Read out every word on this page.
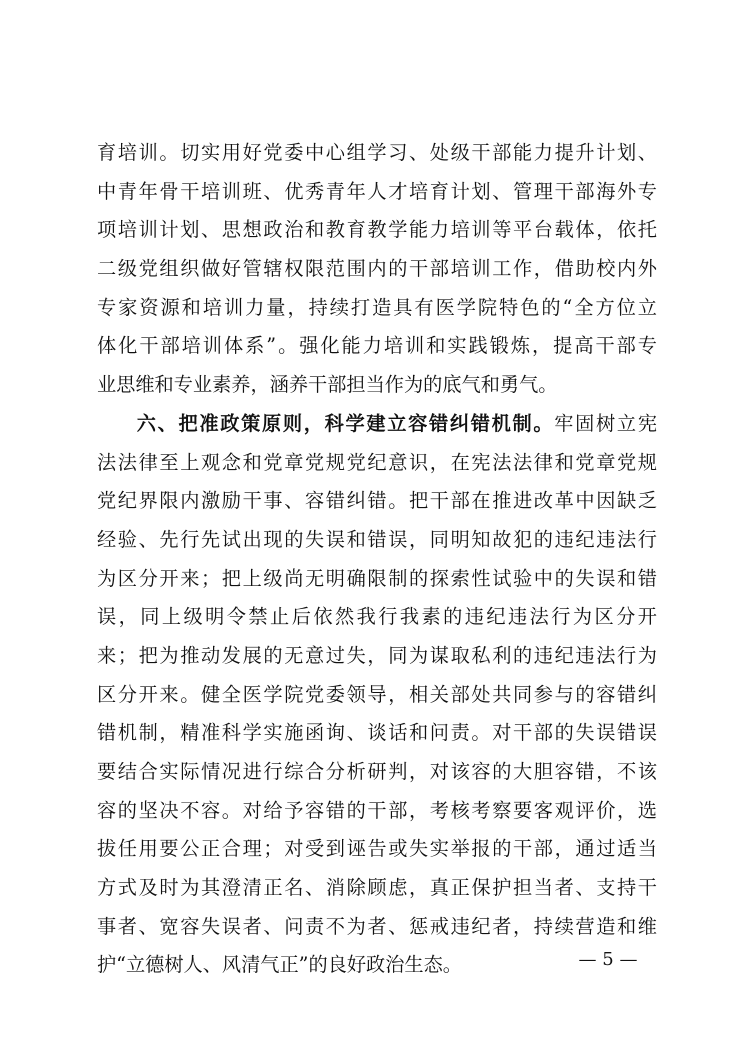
育培训。切实用好党委中心组学习、处级干部能力提升计划、
中青年骨干培训班、优秀青年人才培育计划、管理干部海外专
项培训计划、思想政治和教育教学能力培训等平台载体，依托
二级党组织做好管辖权限范围内的干部培训工作，借助校内外
专家资源和培训力量，持续打造具有医学院特色的“全方位立
体化干部培训体系”。强化能力培训和实践锻炼，提高干部专
业思维和专业素养，涵养干部担当作为的底气和勇气。
六、把准政策原则，科学建立容错纠错机制。牢固树立宪
法法律至上观念和党章党规党纪意识，在宪法法律和党章党规
党纪界限内激励干事、容错纠错。把干部在推进改革中因缺乏
经验、先行先试出现的失误和错误，同明知故犯的违纪违法行
为区分开来；把上级尚无明确限制的探索性试验中的失误和错
误，同上级明令禁止后依然我行我素的违纪违法行为区分开
来；把为推动发展的无意过失，同为谋取私利的违纪违法行为
区分开来。健全医学院党委领导，相关部处共同参与的容错纠
错机制，精准科学实施函询、谈话和问责。对干部的失误错误
要结合实际情况进行综合分析研判，对该容的大胆容错，不该
容的坚决不容。对给予容错的干部，考核考察要客观评价，选
拔任用要公正合理；对受到诬告或失实举报的干部，通过适当
方式及时为其澄清正名、消除顾虑，真正保护担当者、支持干
事者、宽容失误者、问责不为者、惩戒违纪者，持续营造和维
护“立德树人、风清气正”的良好政治生态。	— 5 —
